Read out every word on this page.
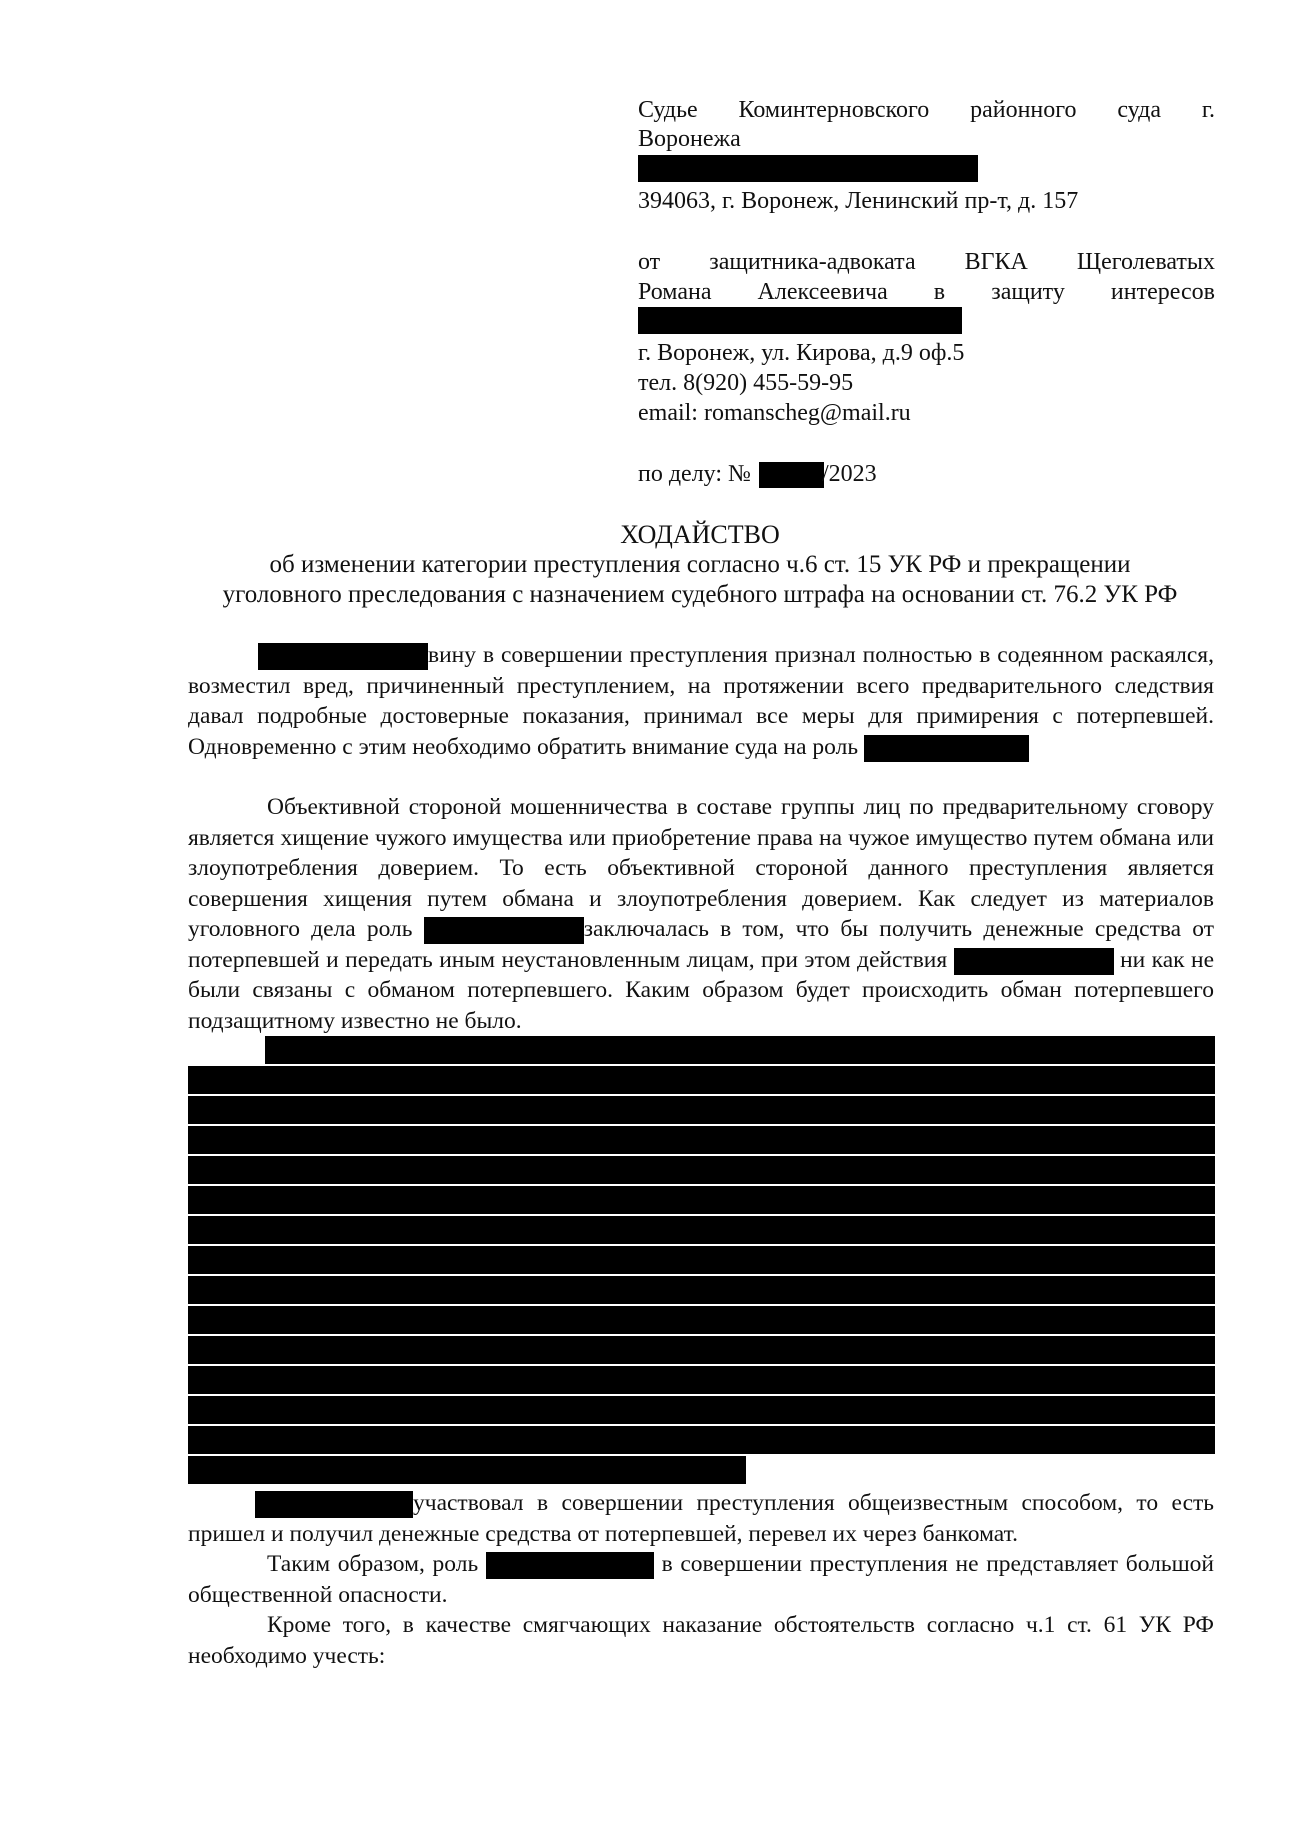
Судье Коминтерновского районного суда г.
Воронежа
394063, г. Воронеж, Ленинский пр-т, д. 157
от защитника-адвоката ВГКА Щеголеватых
Романа Алексеевича в защиту интересов
г. Воронеж, ул. Кирова, д.9 оф.5
тел. 8(920) 455-59-95
email: romanscheg@mail.ru
по делу: №	/2023
ХОДАЙСТВО
об изменении категории преступления согласно ч.6 ст. 15 УК РФ и прекращении
уголовного преследования с назначением судебного штрафа на основании ст. 76.2 УК РФ

вину в совершении преступления признал полностью в содеянном раскаялся, возместил вред, причиненный преступлением, на протяжении всего предварительного следствия давал подробные достоверные показания, принимал все меры для примирения с потерпевшей. Одновременно с этим необходимо обратить внимание суда на роль

Объективной стороной мошенничества в составе группы лиц по предварительному сговору является хищение чужого имущества или приобретение права на чужое имущество путем обмана или злоупотребления доверием. То есть объективной стороной данного преступления является совершения хищения путем обмана и злоупотребления доверием. Как следует из материалов уголовного дела роль	заключалась в том, что бы получить денежные средства от потерпевшей и передать иным неустановленным лицам, при этом действия	ни как не были связаны с обманом потерпевшего. Каким образом будет происходить обман потерпевшего подзащитному известно не было.

участвовал в совершении преступления общеизвестным способом, то есть пришел и получил денежные средства от потерпевшей, перевел их через банкомат.

Таким образом, роль	в совершении преступления не представляет большой общественной опасности.

Кроме того, в качестве смягчающих наказание обстоятельств согласно ч.1 ст. 61 УК РФ необходимо учесть:
